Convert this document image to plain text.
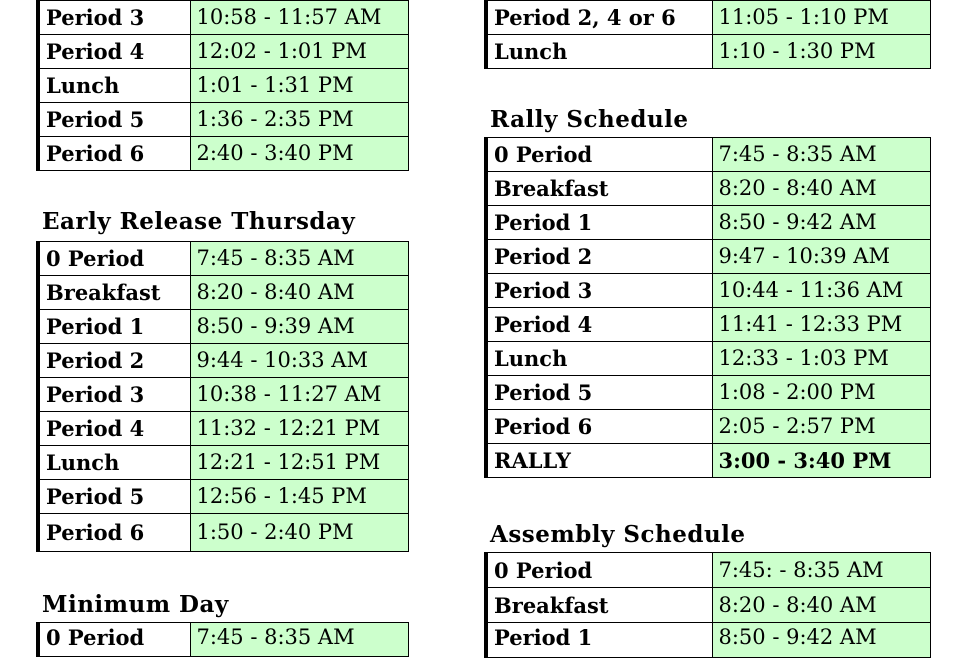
Period 3	10:58 - 11:57 AM
Period 4	12:02 - 1:01 PM
Lunch	1:01 - 1:31 PM
Period 5	1:36 - 2:35 PM
Period 6	2:40 - 3:40 PM
Early Release Thursday
0 Period	7:45 - 8:35 AM
Breakfast	8:20 - 8:40 AM
Period 1	8:50 - 9:39 AM
Period 2	9:44 - 10:33 AM
Period 3	10:38 - 11:27 AM
Period 4	11:32 - 12:21 PM
Lunch	12:21 - 12:51 PM
Period 5	12:56 - 1:45 PM
Period 6	1:50 - 2:40 PM
Minimum Day
0 Period	7:45 - 8:35 AM
Period 2, 4 or 6	11:05 - 1:10 PM
Lunch	1:10 - 1:30 PM
Rally Schedule
0 Period	7:45 - 8:35 AM
Breakfast	8:20 - 8:40 AM
Period 1	8:50 - 9:42 AM
Period 2	9:47 - 10:39 AM
Period 3	10:44 - 11:36 AM
Period 4	11:41 - 12:33 PM
Lunch	12:33 - 1:03 PM
Period 5	1:08 - 2:00 PM
Period 6	2:05 - 2:57 PM
RALLY	3:00 - 3:40 PM
Assembly Schedule
0 Period	7:45: - 8:35 AM
Breakfast	8:20 - 8:40 AM
Period 1	8:50 - 9:42 AM
